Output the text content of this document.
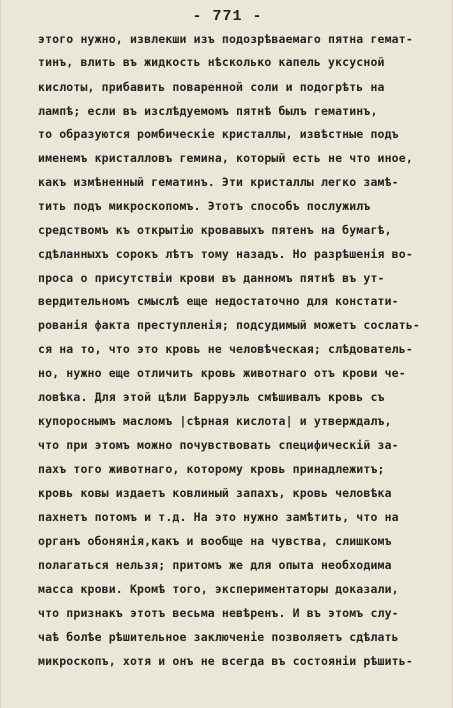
- 771 -
этого нужно, извлекши изъ подозрѣваемаго пятна гемат-
тинъ, влить въ жидкость нѣсколько капель уксусной
кислоты, прибавить поваренной соли и подогрѣть на
лампѣ; если въ изслѣдуемомъ пятнѣ былъ гематинъ,
то образуются ромбическіе кристаллы, извѣстные подъ
именемъ кристалловъ гемина, который есть не что иное,
какъ измѣненный гематинъ. Эти кристаллы легко замѣ-
тить подъ микроскопомъ. Этотъ способъ послужилъ
средствомъ къ открытію кровавыхъ пятенъ на бумагѣ,
сдѣланныхъ сорокъ лѣтъ тому назадъ. Но разрѣшенія во-
проса о присутствіи крови въ данномъ пятнѣ въ ут-
вердительномъ смыслѣ еще недостаточно для констати-
рованія факта преступленія; подсудимый можетъ сослать-
ся на то, что это кровь не человѣческая; слѣдователь-
но, нужно еще отличить кровь животнаго отъ крови че-
ловѣка. Для этой цѣли Барруэль смѣшивалъ кровь съ
купороснымъ масломъ |сѣрная кислота| и утверждалъ,
что при этомъ можно почувствовать специфическій за-
пахъ того животнаго, которому кровь принадлежитъ;
кровь ковы издаетъ ковлиный запахъ, кровь человѣка
пахнетъ потомъ и т.д. На это нужно замѣтить, что на
органъ обонянія,какъ и вообще на чувства, слишкомъ
полагаться нельзя; притомъ же для опыта необходима
масса крови. Кромѣ того, экспериментаторы доказали,
что признакъ этотъ весьма невѣренъ. И въ этомъ слу-
чаѣ болѣе рѣшительное заключеніе позволяетъ сдѣлать
микроскопъ, хотя и онъ не всегда въ состояніи рѣшить-
